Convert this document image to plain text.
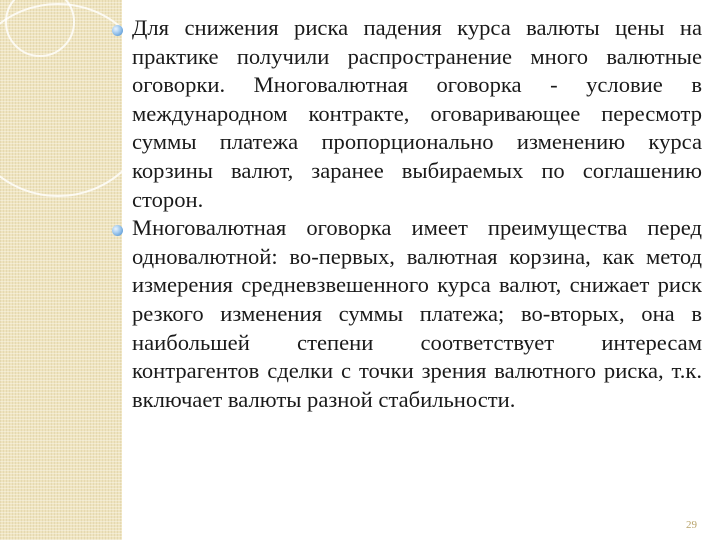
Для снижения риска падения курса валюты цены на практике получили распространение много валютные оговорки. Многовалютная оговорка - условие в международном контракте, оговаривающее пересмотр суммы платежа пропорционально изменению курса корзины валют, заранее выбираемых по соглашению сторон.

Многовалютная оговорка имеет преимущества перед одновалютной: во-первых, валютная корзина, как метод измерения средневзвешенного курса валют, снижает риск резкого изменения суммы платежа; во-вторых, она в наибольшей степени соответствует интересам контрагентов сделки с точки зрения валютного риска, т.к. включает валюты разной стабильности.

29
